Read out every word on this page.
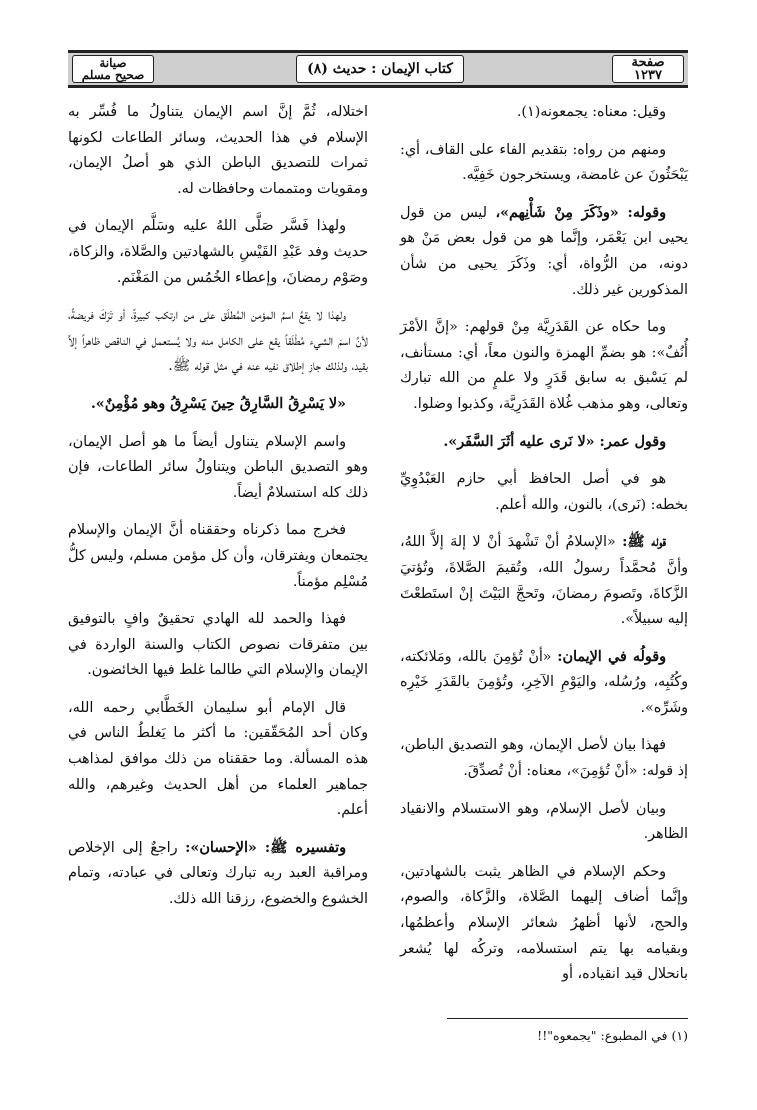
صفحة
١٢٣٧
كتاب الإيمان : حديث (٨)
صيانة
صحيح مسلم

وقيل: معناه: يجمعونه(١).

ومنهم من رواه: بتقديم الفاء على القاف، أي: يَبْحَثُونَ عن غامضة، ويستخرجون خَفِيَّه.

وقوله: «وذَكَرَ مِنْ شَأْنِهم»، ليس من قول يحيى ابن يَعْمَر، وإنَّما هو من قول بعض مَنْ هو دونه، من الرُّواة، أي: وذَكَرَ يحيى من شأن المذكورين غير ذلك.

وما حكاه عن القَدَرِيَّة مِنْ قولهم: «إنَّ الأمْرَ أُنُفٌ»: هو بضمِّ الهمزة والنون معاً، أي: مستأنف، لم يَسْبق به سابق قَدَرٍ ولا علمٍ من الله تبارك وتعالى، وهو مذهب غُلاة القَدَرِيَّة، وكذبوا وضلوا.

وقول عمر: «لا نَرى عليه أثَرَ السَّفَر».

هو في أصل الحافظ أبي حازم العَبْدُوِيِّ بخطه: (نَرى)، بالنون، والله أعلم.

قوله ﷺ: «الإسلامُ أنْ تَشْهدَ أنْ لا إلهَ إلاَّ اللهُ، وأنَّ مُحمَّداً رسولُ الله، وتُقيمَ الصَّلاةَ، وتُؤتيَ الزَّكاةَ، وتَصومَ رمضانَ، وتَحجَّ البَيْتَ إنْ استَطعْتَ إليه سبيلاً».

وقولُه في الإيمان: «أنْ تُؤمِنَ بالله، ومَلائكته، وكُتُبِه، ورُسُله، واليَوْمِ الآخِرِ، وتُؤمِنَ بالقَدَرِ خَيْرِه وشَرِّه».

فهذا بيان لأصل الإيمان، وهو التصديق الباطن، إذ قوله: «أنْ تُؤمِنَ»، معناه: أنْ تُصدِّقَ.

وبيان لأصل الإسلام، وهو الاستسلام والانقياد الظاهر.

وحكم الإسلام في الظاهر يثبت بالشهادتين، وإنَّما أضاف إليهما الصَّلاة، والزَّكاة، والصوم، والحج، لأنها أظهرُ شعائر الإسلام وأعظمُها، وبقيامه بها يتم استسلامه، وتركُه لها يُشعر بانحلال قيد انقياده، أو

اختلاله، ثُمَّ إنَّ اسم الإيمان يتناولُ ما فُسِّر به الإسلام في هذا الحديث، وسائر الطاعات لكونها ثمرات للتصديق الباطن الذي هو أصلُ الإيمان، ومقويات ومتممات وحافظات له.

ولهذا فَسَّر صَلَّى اللهُ عليه وسَلَّم الإيمان في حديث وفد عَبْدِ القَيْسِ بالشهادتين والصَّلاة، والزكاة، وصَوْم رمضانَ، وإعطاء الخُمُس من المَغْنَم.

ولهذا لا يقعُ اسمُ المؤمن المُطلَق على من ارتكب كبيرةً، أو تَرَكَ فريضةً، لأنَّ اسمَ الشيء مُطْلَقاً يقع على الكامل منه ولا يُستعمل في الناقص ظاهراً إلاَّ بقيد، ولذلك جاز إطلاق نفيه عنه في مثل قوله ﷺ.

«لا يَسْرِقُ السَّارِقُ حِينَ يَسْرِقُ وهو مُؤْمِنٌ».

واسم الإسلام يتناول أيضاً ما هو أصل الإيمان، وهو التصديق الباطن ويتناولُ سائر الطاعات، فإن ذلك كله استسلامٌ أيضاً.

فخرج مما ذكرناه وحققناه أنَّ الإيمان والإسلام يجتمعان ويفترقان، وأن كل مؤمن مسلم، وليس كلُّ مُسْلِم مؤمناً.

فهذا والحمد لله الهادي تحقيقٌ وافٍ بالتوفيق بين متفرقات نصوص الكتاب والسنة الواردة في الإيمان والإسلام التي طالما غلط فيها الخائضون.

قال الإمام أبو سليمان الخَطَّابي رحمه الله، وكان أحد المُحَقّقين: ما أكثر ما يَغلطُ الناس في هذه المسألة. وما حققناه من ذلك موافق لمذاهب جماهير العلماء من أهل الحديث وغيرهم، والله أعلم.

وتفسيره ﷺ: «الإحسان»: راجعٌ إلى الإخلاص ومراقبة العبد ربه تبارك وتعالى في عبادته، وتمام الخشوع والخضوع، رزقنا الله ذلك.

(١) في المطبوع: "يجمعوه"!!
